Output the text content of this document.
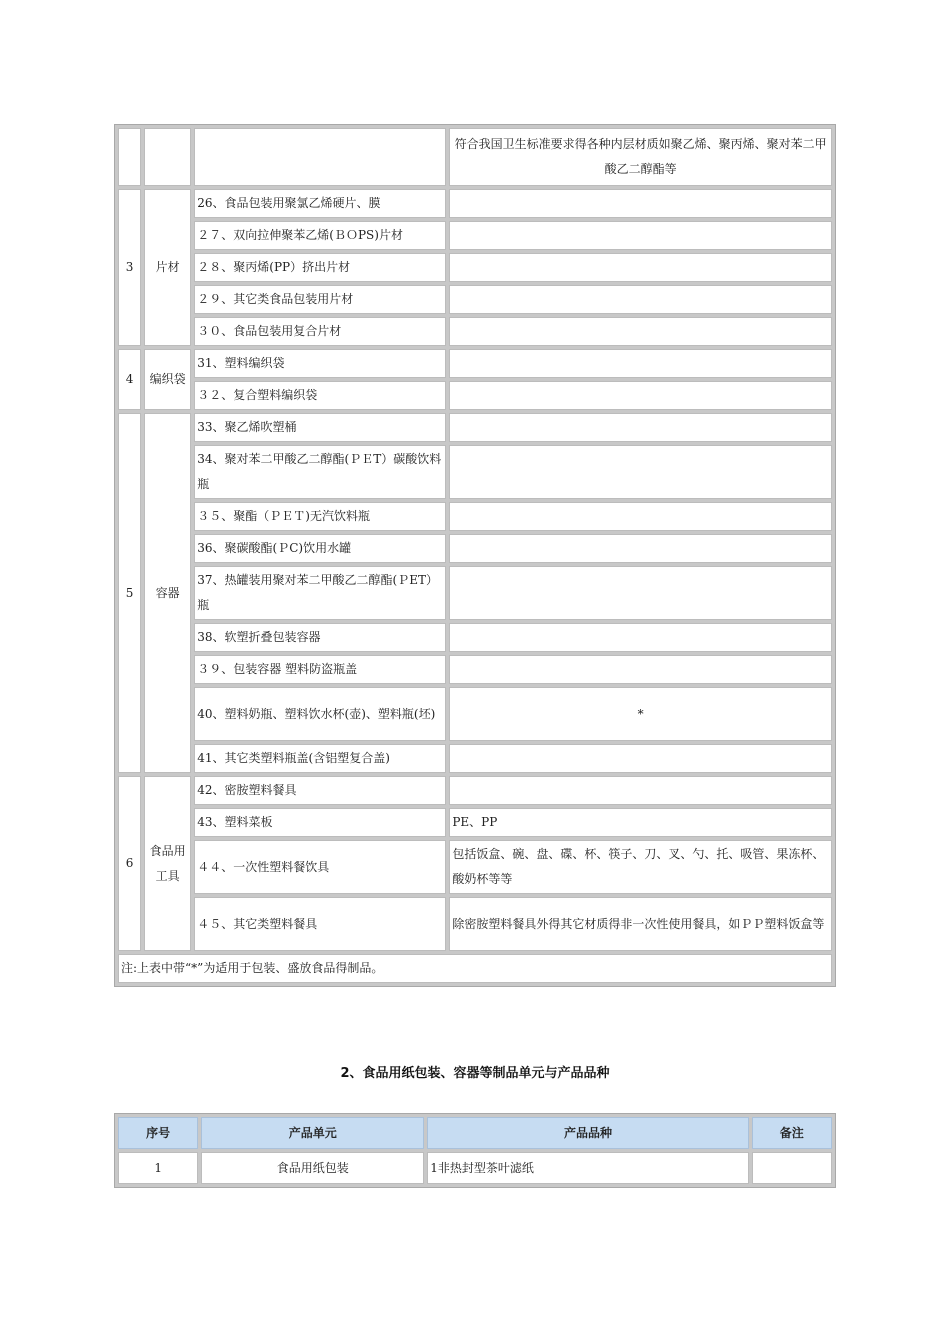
			符合我国卫生标准要求得各种内层材质如聚乙烯、聚丙烯、聚对苯二甲酸乙二醇酯等
3	片材	26、食品包装用聚氯乙烯硬片、膜	
		２７、双向拉伸聚苯乙烯(ＢＯPS)片材	
		２８、聚丙烯(PP）挤出片材	
		２９、其它类食品包装用片材	
		３０、食品包装用复合片材	
4	编织袋	31、塑料编织袋	
		３２、复合塑料编织袋	
5	容器	33、聚乙烯吹塑桶	
		34、聚对苯二甲酸乙二醇酯(ＰＥT）碳酸饮料瓶	
		３５、聚酯（ＰＥＴ)无汽饮料瓶	
		36、聚碳酸酯(ＰC)饮用水罐	
		37、热罐装用聚对苯二甲酸乙二醇酯(ＰET）瓶	
		38、软塑折叠包装容器	
		３９、包装容器 塑料防盗瓶盖	
		40、塑料奶瓶、塑料饮水杯(壶)、塑料瓶(坯)	*
		41、其它类塑料瓶盖(含铝塑复合盖)	
6	食品用工具	42、密胺塑料餐具	
		43、塑料菜板	PE、PP
		４４、一次性塑料餐饮具	包括饭盒、碗、盘、碟、杯、筷子、刀、叉、勺、托、吸管、果冻杯、酸奶杯等等
		４５、其它类塑料餐具	除密胺塑料餐具外得其它材质得非一次性使用餐具，如ＰＰ塑料饭盒等
注:上表中带“*”为适用于包装、盛放食品得制品。			
2、食品用纸包装、容器等制品单元与产品品种
序号	产品单元	产品品种	备注
1	食品用纸包装	1非热封型茶叶滤纸	
